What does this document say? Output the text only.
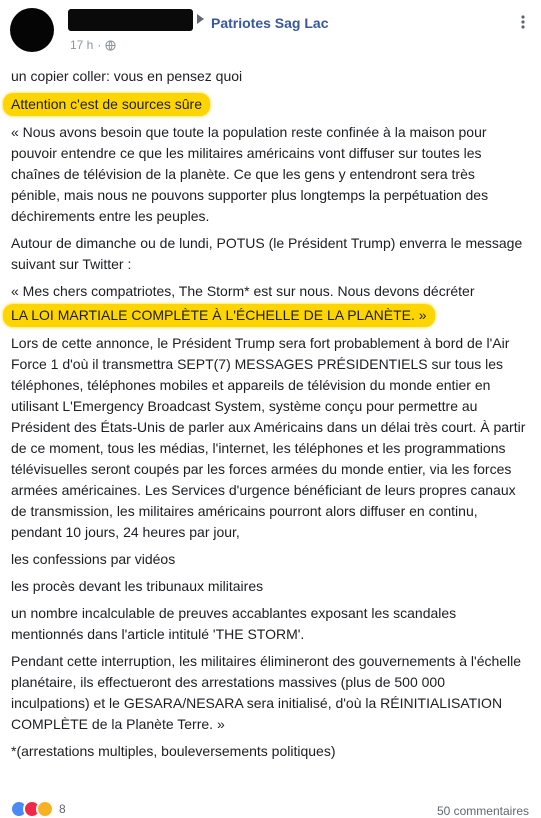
Patriotes Sag Lac
17 h ·

un copier coller: vous en pensez quoi

Attention c'est de sources sûre

« Nous avons besoin que toute la population reste confinée à la maison pour pouvoir entendre ce que les militaires américains vont diffuser sur toutes les chaînes de télévision de la planète. Ce que les gens y entendront sera très pénible, mais nous ne pouvons supporter plus longtemps la perpétuation des déchirements entre les peuples.

Autour de dimanche ou de lundi, POTUS (le Président Trump) enverra le message suivant sur Twitter :

« Mes chers compatriotes, The Storm* est sur nous. Nous devons décréter

LA LOI MARTIALE COMPLÈTE À L'ÉCHELLE DE LA PLANÈTE. »

Lors de cette annonce, le Président Trump sera fort probablement à bord de l'Air Force 1 d'où il transmettra SEPT(7) MESSAGES PRÉSIDENTIELS sur tous les téléphones, téléphones mobiles et appareils de télévision du monde entier en utilisant L'Emergency Broadcast System, système conçu pour permettre au Président des États-Unis de parler aux Américains dans un délai très court. À partir de ce moment, tous les médias, l'internet, les téléphones et les programmations télévisuelles seront coupés par les forces armées du monde entier, via les forces armées américaines. Les Services d'urgence bénéficiant de leurs propres canaux de transmission, les militaires américains pourront alors diffuser en continu, pendant 10 jours, 24 heures par jour,

les confessions par vidéos

les procès devant les tribunaux militaires

un nombre incalculable de preuves accablantes exposant les scandales mentionnés dans l'article intitulé 'THE STORM'.

Pendant cette interruption, les militaires élimineront des gouvernements à l'échelle planétaire, ils effectueront des arrestations massives (plus de 500 000 inculpations) et le GESARA/NESARA sera initialisé, d'où la RÉINITIALISATION COMPLÈTE de la Planète Terre. »

*(arrestations multiples, bouleversements politiques)

8	50 commentaires
